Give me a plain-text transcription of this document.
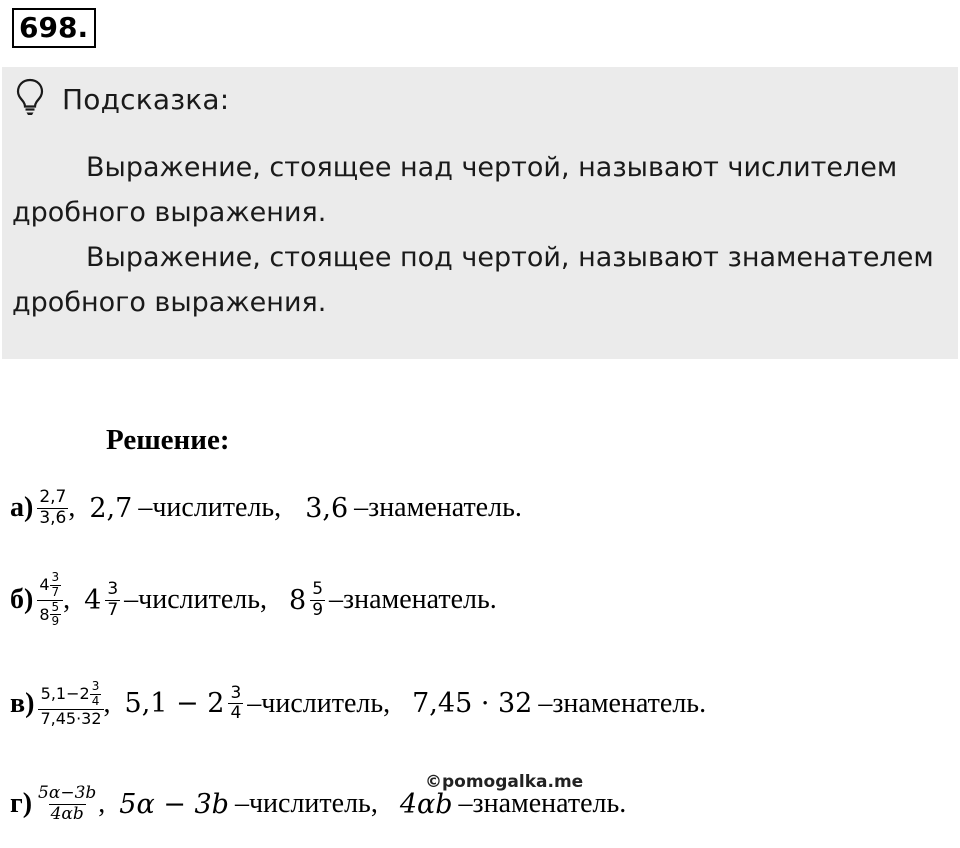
698.
Подсказка:

Выражение, стоящее над чертой, называют числителем дробного выражения.

Выражение, стоящее под чертой, называют знаменателем дробного выражения.

Решение:
$а) \frac{2,7}{3,6}$ , 2,7 –числитель, 3,6 –знаменатель.
$б) \frac{4 \frac{3}{7}}{8 \frac{5}{9}}$ , $4 \frac{3}{7}$ –числитель, $8 \frac{5}{9}$ –знаменатель.
$в) \frac{5,1-2 \frac{3}{4}}{7,45\cdot 32}$ , $5,1 - 2 \frac{3}{4}$ –числитель, 7,45 · 32 –знаменатель.
©pomogalka.me
$г) \frac{5\alpha-3b}{4\alpha b}$ , 5α − 3b –числитель, 4αb –знаменатель.
